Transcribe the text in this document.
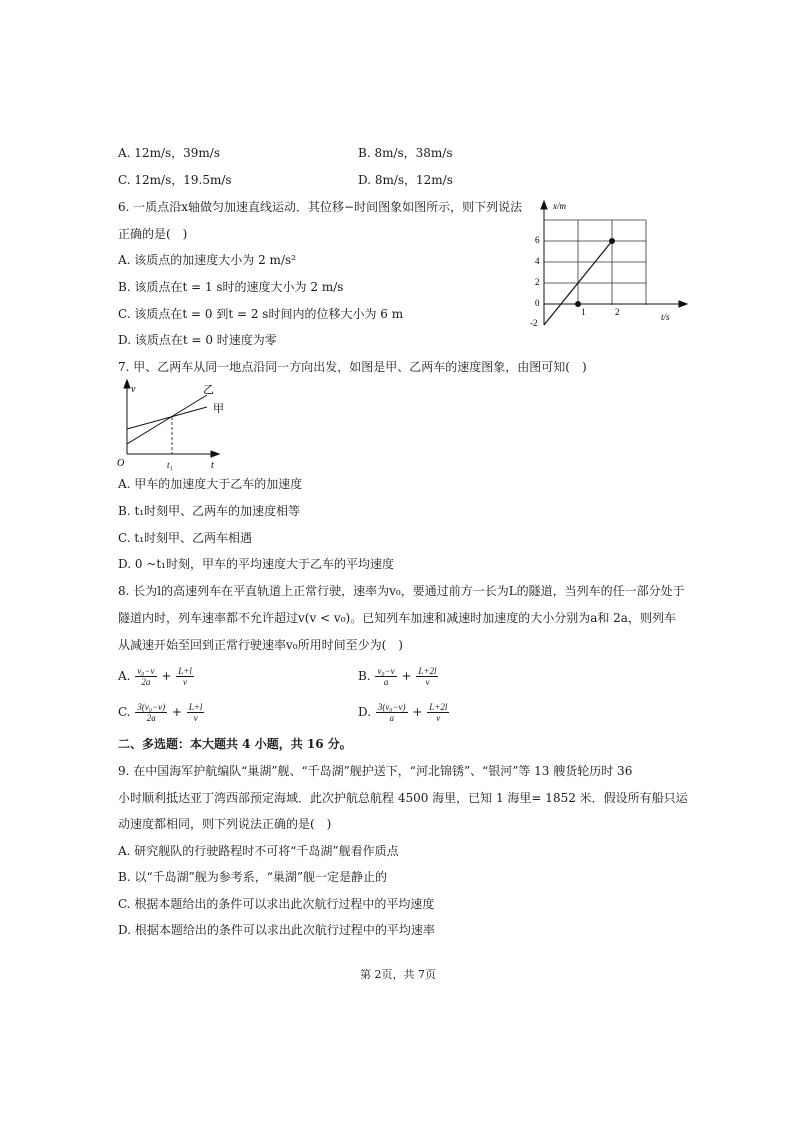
A. 12m/s，39m/s	B. 8m/s，38m/s
C. 12m/s，19.5m/s	D. 8m/s，12m/s
6. 一质点沿x轴做匀加速直线运动．其位移−时间图象如图所示，则下列说法
正确的是(　)
A. 该质点的加速度大小为 2 m/s²
B. 该质点在t = 1 s时的速度大小为 2 m/s
C. 该质点在t = 0 到t = 2 s时间内的位移大小为 6 m
D. 该质点在t = 0 时速度为零
x/m
t/s
6
4
2
0
-2
1	2
7. 甲、乙两车从同一地点沿同一方向出发，如图是甲、乙两车的速度图象，由图可知(　)
v
t
O	t₁
乙
甲
A. 甲车的加速度大于乙车的加速度
B. t₁时刻甲、乙两车的加速度相等
C. t₁时刻甲、乙两车相遇
D. 0 ~t₁时刻，甲车的平均速度大于乙车的平均速度
8. 长为l的高速列车在平直轨道上正常行驶，速率为v₀，要通过前方一长为L的隧道，当列车的任一部分处于
隧道内时，列车速率都不允许超过v(v < v₀)。已知列车加速和减速时加速度的大小分别为a和 2a，则列车
从减速开始至回到正常行驶速率v₀所用时间至少为(　)
A. $\frac{\text{v₀−v}}{2a} + \frac{L+l}{v}$	B. $\frac{\text{v₀−v}}{a} + \frac{L+2l}{v}$
C. $\frac{\text{3(v₀−v)}}{2a} + \frac{L+l}{v}$	D. $\frac{\text{3(v₀−v)}}{a} + \frac{L+2l}{v}$
二、多选题：本大题共 4 小题，共 16 分。
9. 在中国海军护航编队“巢湖”舰、“千岛湖”舰护送下，“河北锦锈”、“银河”等 13 艘货轮历时 36
小时顺利抵达亚丁湾西部预定海域．此次护航总航程 4500 海里，已知 1 海里= 1852 米．假设所有船只运
动速度都相同，则下列说法正确的是(　)
A. 研究舰队的行驶路程时不可将“千岛湖”舰看作质点
B. 以“千岛湖”舰为参考系，“巢湖”舰一定是静止的
C. 根据本题给出的条件可以求出此次航行过程中的平均速度
D. 根据本题给出的条件可以求出此次航行过程中的平均速率
第 2页，共 7页
